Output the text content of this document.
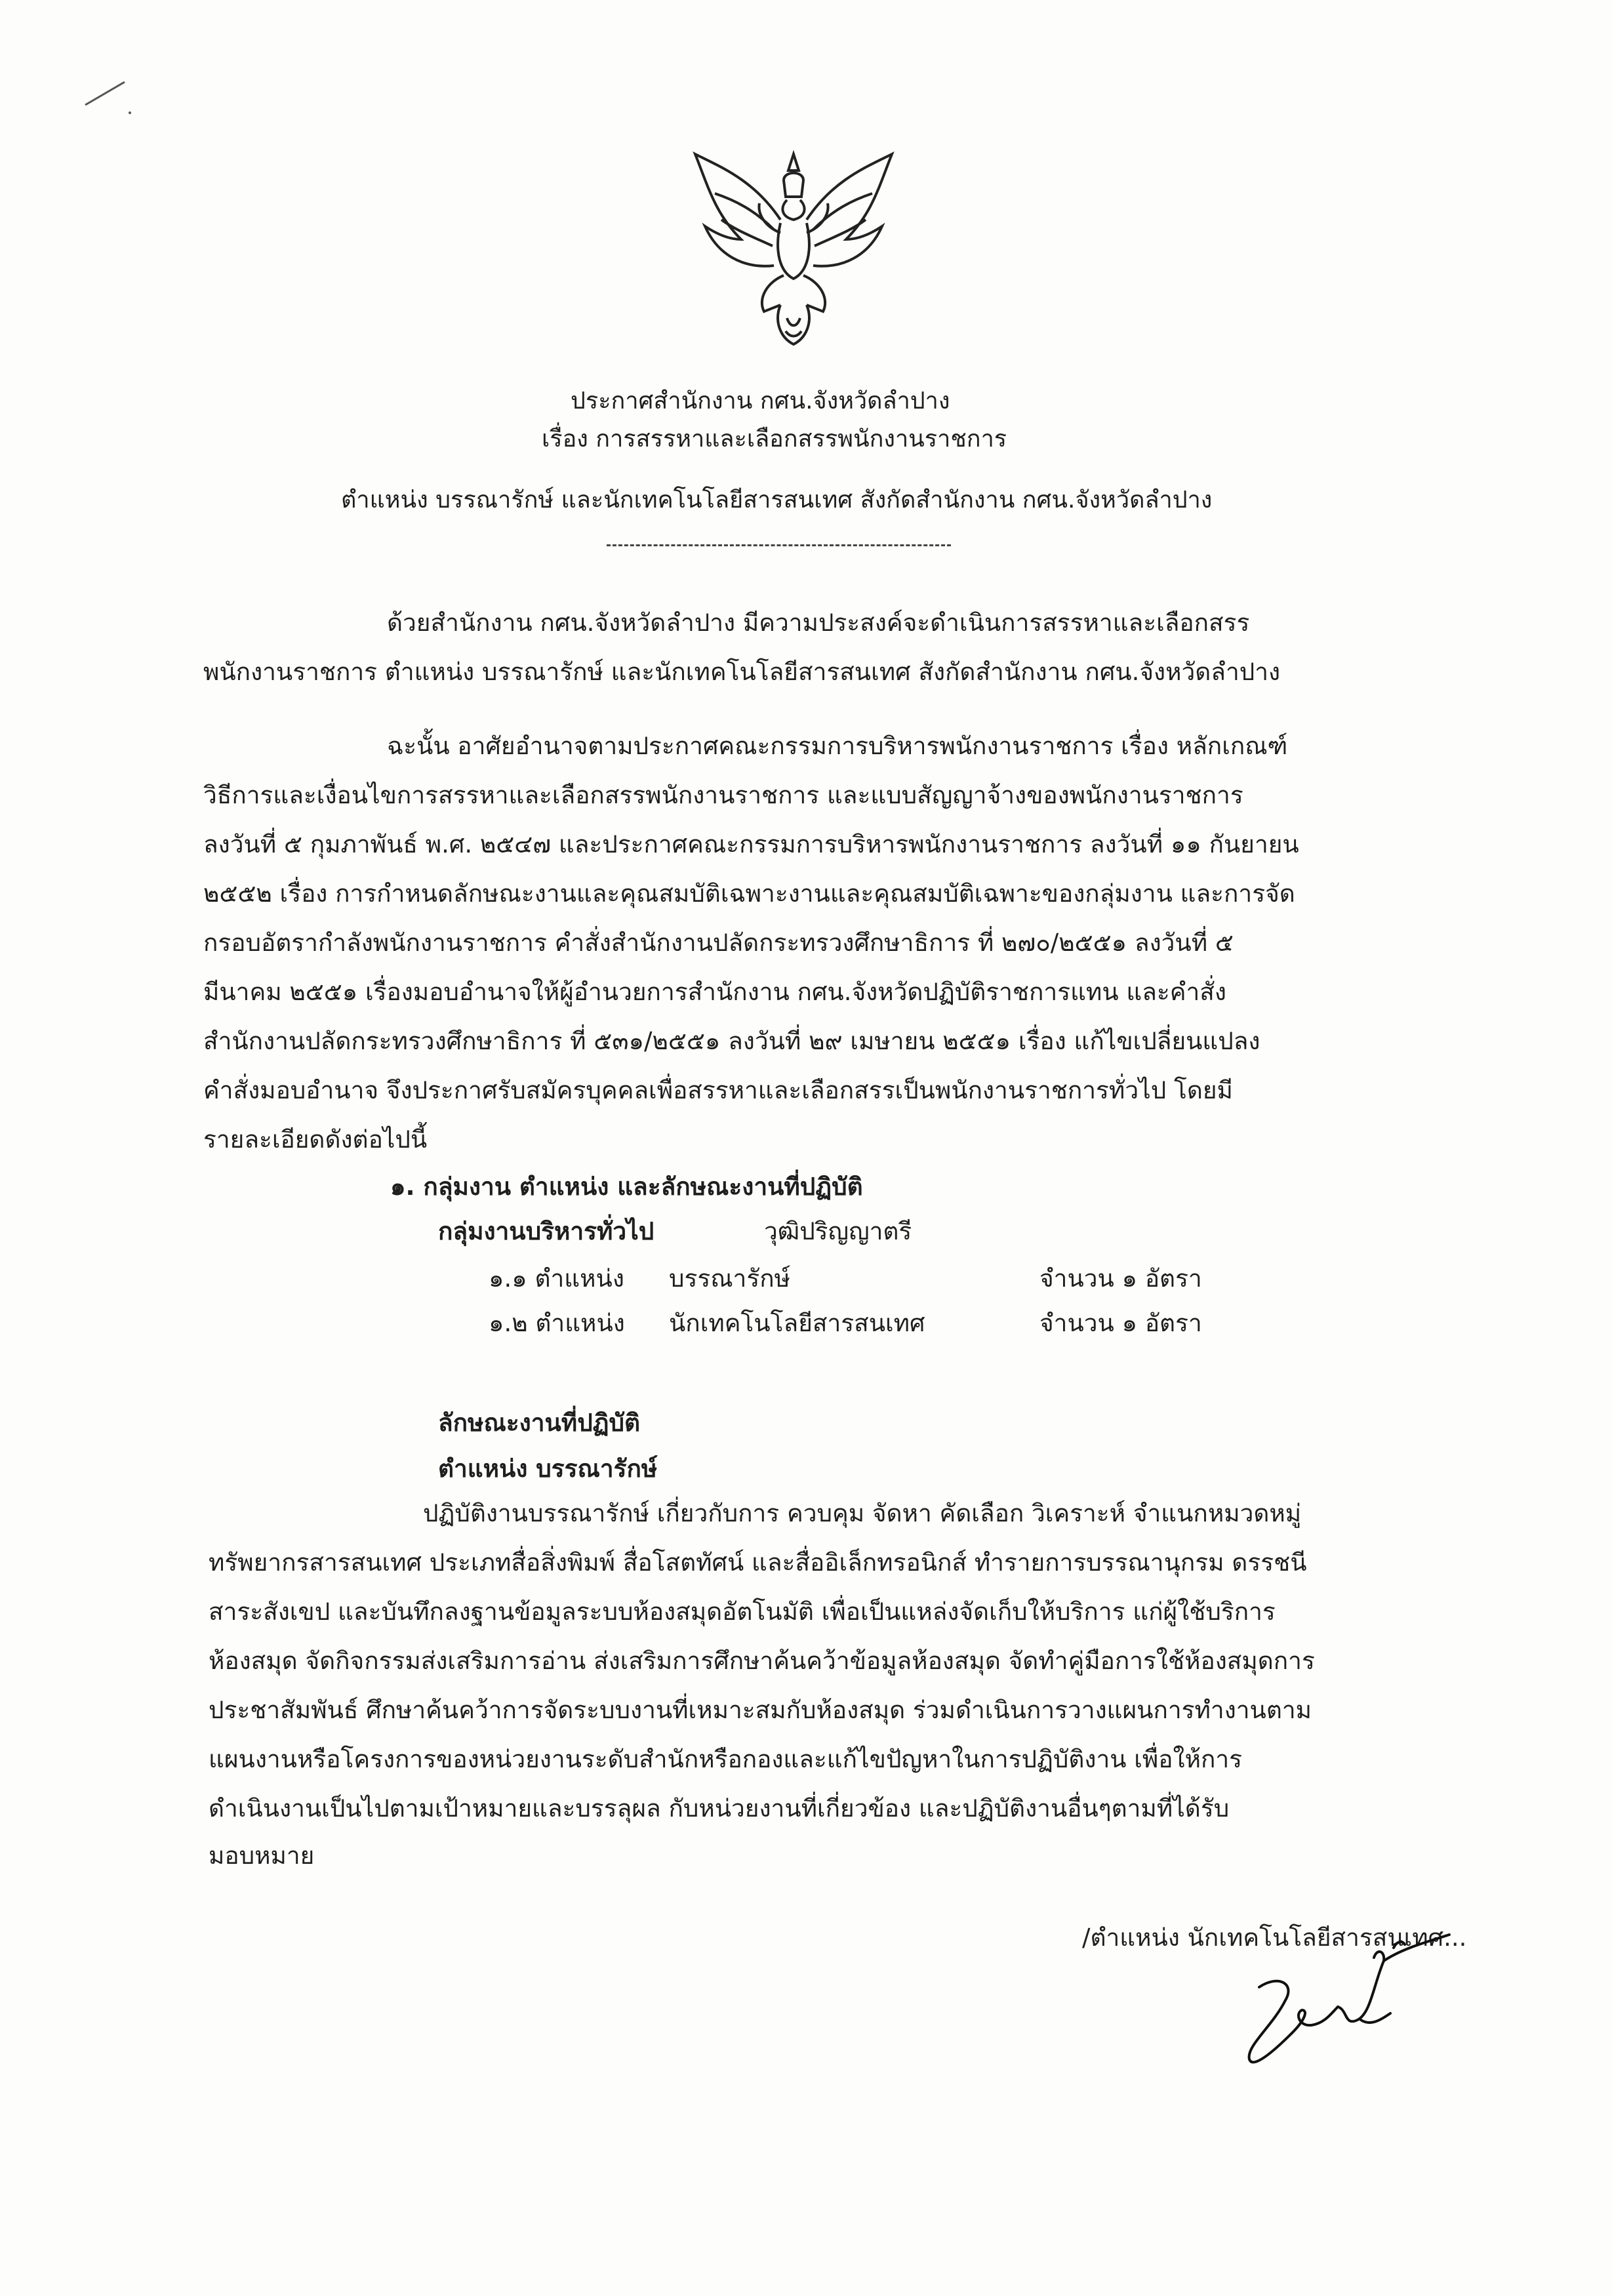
ประกาศสำนักงาน กศน.จังหวัดลำปาง
เรื่อง การสรรหาและเลือกสรรพนักงานราชการ
ตำแหน่ง บรรณารักษ์ และนักเทคโนโลยีสารสนเทศ สังกัดสำนักงาน กศน.จังหวัดลำปาง
ด้วยสำนักงาน กศน.จังหวัดลำปาง มีความประสงค์จะดำเนินการสรรหาและเลือกสรร
พนักงานราชการ ตำแหน่ง บรรณารักษ์ และนักเทคโนโลยีสารสนเทศ สังกัดสำนักงาน กศน.จังหวัดลำปาง
ฉะนั้น อาศัยอำนาจตามประกาศคณะกรรมการบริหารพนักงานราชการ เรื่อง หลักเกณฑ์
วิธีการและเงื่อนไขการสรรหาและเลือกสรรพนักงานราชการ และแบบสัญญาจ้างของพนักงานราชการ
ลงวันที่ ๕ กุมภาพันธ์ พ.ศ. ๒๕๔๗ และประกาศคณะกรรมการบริหารพนักงานราชการ ลงวันที่ ๑๑ กันยายน
๒๕๕๒ เรื่อง การกำหนดลักษณะงานและคุณสมบัติเฉพาะงานและคุณสมบัติเฉพาะของกลุ่มงาน และการจัด
กรอบอัตรากำลังพนักงานราชการ คำสั่งสำนักงานปลัดกระทรวงศึกษาธิการ ที่ ๒๗๐/๒๕๕๑ ลงวันที่ ๕
มีนาคม ๒๕๕๑ เรื่องมอบอำนาจให้ผู้อำนวยการสำนักงาน กศน.จังหวัดปฏิบัติราชการแทน และคำสั่ง
สำนักงานปลัดกระทรวงศึกษาธิการ ที่ ๕๓๑/๒๕๕๑ ลงวันที่ ๒๙ เมษายน ๒๕๕๑ เรื่อง แก้ไขเปลี่ยนแปลง
คำสั่งมอบอำนาจ จึงประกาศรับสมัครบุคคลเพื่อสรรหาและเลือกสรรเป็นพนักงานราชการทั่วไป โดยมี
รายละเอียดดังต่อไปนี้
๑. กลุ่มงาน ตำแหน่ง และลักษณะงานที่ปฏิบัติ
กลุ่มงานบริหารทั่วไป	วุฒิปริญญาตรี
๑.๑ ตำแหน่ง บรรณารักษ์	จำนวน ๑ อัตรา
๑.๒ ตำแหน่ง นักเทคโนโลยีสารสนเทศ	จำนวน ๑ อัตรา
ลักษณะงานที่ปฏิบัติ
ตำแหน่ง บรรณารักษ์
ปฏิบัติงานบรรณารักษ์ เกี่ยวกับการ ควบคุม จัดหา คัดเลือก วิเคราะห์ จำแนกหมวดหมู่
ทรัพยากรสารสนเทศ ประเภทสื่อสิ่งพิมพ์ สื่อโสตทัศน์ และสื่ออิเล็กทรอนิกส์ ทำรายการบรรณานุกรม ดรรชนี
สาระสังเขป และบันทึกลงฐานข้อมูลระบบห้องสมุดอัตโนมัติ เพื่อเป็นแหล่งจัดเก็บให้บริการ แก่ผู้ใช้บริการ
ห้องสมุด จัดกิจกรรมส่งเสริมการอ่าน ส่งเสริมการศึกษาค้นคว้าข้อมูลห้องสมุด จัดทำคู่มือการใช้ห้องสมุดการ
ประชาสัมพันธ์ ศึกษาค้นคว้าการจัดระบบงานที่เหมาะสมกับห้องสมุด ร่วมดำเนินการวางแผนการทำงานตาม
แผนงานหรือโครงการของหน่วยงานระดับสำนักหรือกองและแก้ไขปัญหาในการปฏิบัติงาน เพื่อให้การ
ดำเนินงานเป็นไปตามเป้าหมายและบรรลุผล กับหน่วยงานที่เกี่ยวข้อง และปฏิบัติงานอื่นๆตามที่ได้รับ
มอบหมาย
/ตำแหน่ง นักเทคโนโลยีสารสนเทศ...
